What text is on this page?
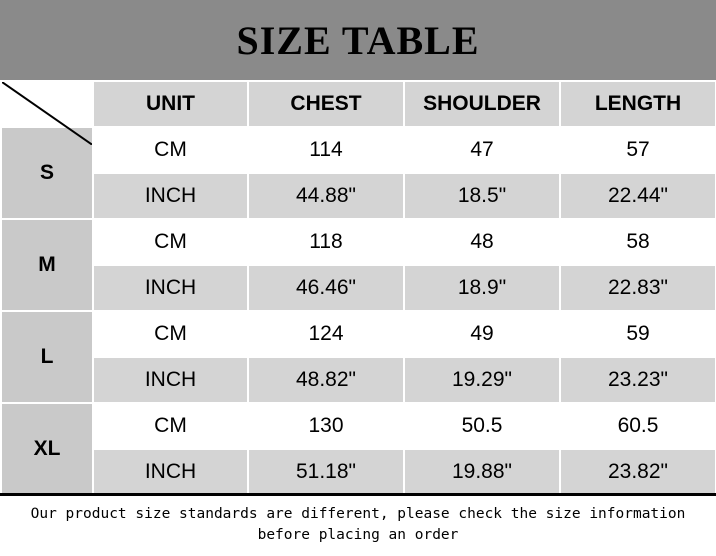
SIZE TABLE
	UNIT	CHEST	SHOULDER	LENGTH
S	CM	114	47	57
	INCH	44.88"	18.5"	22.44"
M	CM	118	48	58
	INCH	46.46"	18.9"	22.83"
L	CM	124	49	59
	INCH	48.82"	19.29"	23.23"
XL	CM	130	50.5	60.5
	INCH	51.18"	19.88"	23.82"
Our product size standards are different, please check the size information
before placing an order
